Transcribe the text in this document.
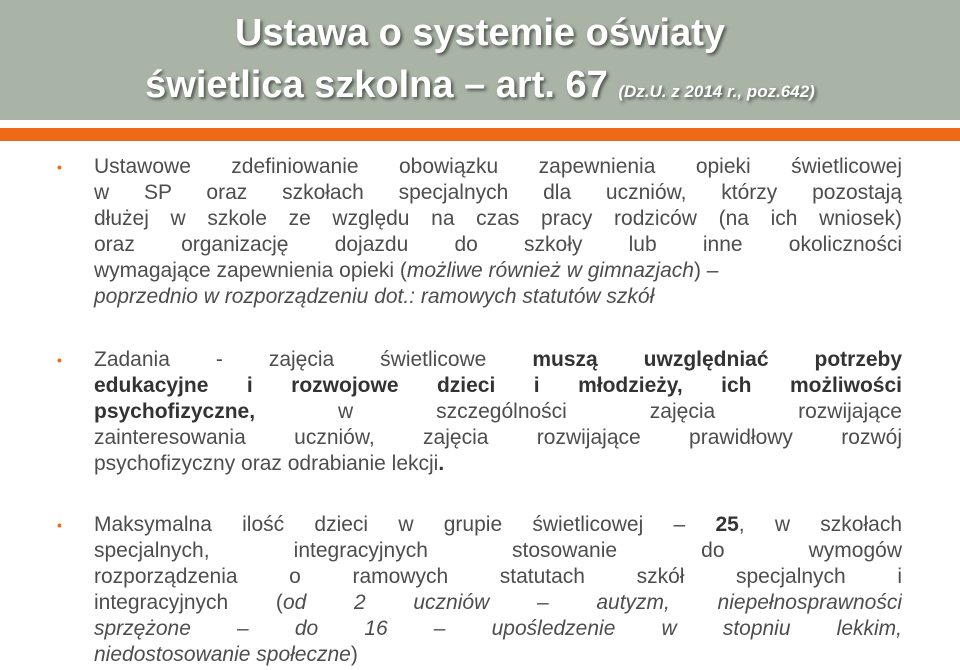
Ustawa o systemie oświaty
świetlica szkolna – art. 67 (Dz.U. z 2014 r., poz.642)
• Ustawowe zdefiniowanie obowiązku zapewnienia opieki świetlicowej
w SP oraz szkołach specjalnych dla uczniów, którzy pozostają
dłużej w szkole ze względu na czas pracy rodziców (na ich wniosek)
oraz organizację dojazdu do szkoły lub inne okoliczności
wymagające zapewnienia opieki (możliwe również w gimnazjach) –
poprzednio w rozporządzeniu dot.: ramowych statutów szkół
• Zadania - zajęcia świetlicowe muszą uwzględniać potrzeby
edukacyjne i rozwojowe dzieci i młodzieży, ich możliwości
psychofizyczne, w szczególności zajęcia rozwijające
zainteresowania uczniów, zajęcia rozwijające prawidłowy rozwój
psychofizyczny oraz odrabianie lekcji.
• Maksymalna ilość dzieci w grupie świetlicowej – 25, w szkołach
specjalnych, integracyjnych stosowanie do wymogów
rozporządzenia o ramowych statutach szkół specjalnych i
integracyjnych (od 2 uczniów – autyzm, niepełnosprawności
sprzężone – do 16 – upośledzenie w stopniu lekkim,
niedostosowanie społeczne)
